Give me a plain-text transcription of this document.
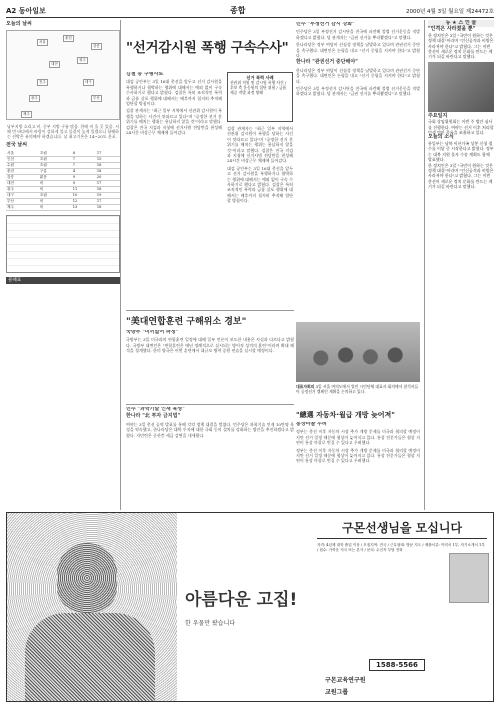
A2 동아일보	종합	2000년 4월 3일 월요일 제24472호
오늘의 날씨
서울
춘천
강릉
대전
청주
전주
광주
대구
부산
제주
남부지방 흐리고 비, 중부 지방 구름 많음. 한때 비 올 곳 있음. 서해 먼 바다에서 바람이 강하게 불고 물결이 높게 일겠으니 항해하는 선박은 유의해야 하겠습니다. 낮 최고기온은 14~20도 분포.
전국 날씨
서울	흐림	8	17
인천	흐림	7	15
수원	흐림	7	18
춘천	구름	4	18
강릉	맑음	9	20
대전	비	9	17
광주	비	11	18
대구	흐림	10	19
부산	비	12	17
제주	비	13	18
물때표
"선거감시원 폭행 구속수사"

김철 등 구형사로

대검 공안부는 3일 16대 총선을 앞두고 선거 감시원을 폭행하거나 협박하는 행위에 대해서는 예외 없이 구속 수사하기로 했다고 밝혔다. 검찰은 특히 조직적인 폭력과 금품 살포 행위에 대해서는 배후까지 철저히 추적해 엄단할 방침이다.

검찰 관계자는 "최근 일부 지역에서 선관위 감시원이 폭행을 당하는 사건이 잇따르고 있다"며 "공정한 선거 분위기를 해치는 행위는 용납하지 않을 것"이라고 말했다. 검찰은 전국 지검과 지청에 선거사범 전담반을 편성해 24시간 비상근무 체제에 들어갔다.

선거 폭력 사례
선관위 직원 및 감시원 폭행 사건 / 후보 측 운동원의 집단 위협 / 금품 제공 적발 과정 방해

검찰 관계자는 "최근 일부 지역에서 선관위 감시원이 폭행을 당하는 사건이 잇따르고 있다"며 "공정한 선거 분위기를 해치는 행위는 용납하지 않을 것"이라고 말했다. 검찰은 전국 지검과 지청에 선거사범 전담반을 편성해 24시간 비상근무 체제에 들어갔다.

대검 공안부는 3일 16대 총선을 앞두고 선거 감시원을 폭행하거나 협박하는 행위에 대해서는 예외 없이 구속 수사하기로 했다고 밝혔다. 검찰은 특히 조직적인 폭력과 금품 살포 행위에 대해서는 배후까지 철저히 추적해 엄단할 방침이다.

민주 "부정선거 감시 강화"

민주당은 3일 부정선거 감시단을 전국에 파견해 불법 선거운동을 적발하겠다고 밝혔다. 당 관계자는 "금권 선거를 뿌리뽑겠다"고 말했다.

한나라당은 정부 여당이 선심성 정책을 남발하고 있다며 관권선거 중단을 촉구했다. 대변인은 논평을 내고 "선거 중립을 지켜야 한다"고 밝혔다.

한나라 "관권선거 중단해야"

한나라당은 정부 여당이 선심성 정책을 남발하고 있다며 관권선거 중단을 촉구했다. 대변인은 논평을 내고 "선거 중립을 지켜야 한다"고 밝혔다.

민주당은 3일 부정선거 감시단을 전국에 파견해 불법 선거운동을 적발하겠다고 밝혔다. 당 관계자는 "금권 선거를 뿌리뽑겠다"고 말했다.

"美대연합훈련 구해위소 경보"

국방부 "미끼없어 파정"

국방부는 3일 미국과의 연합훈련 일정에 대해 일부 언론이 보도한 내용은 사실과 다르다고 밝혔다. 국방부 대변인은 "연합훈련은 매년 정례적으로 실시되는 방어적 성격의 훈련"이라며 확대 해석을 경계했다. 한미 양국은 이번 훈련에서 대규모 병력 증원 연습을 실시할 예정이다.

민주 "과학기술 인재 육성"

한나라 "北 투자 금지법"

여야는 3일 총선 공약 발표를 통해 각각 정책 대결을 벌였다. 민주당은 과학기술 인재 10만명 육성을 약속했고, 한나라당은 대북 투자에 대한 국회 동의 절차를 강화하는 법안을 추진하겠다고 밝혔다. 자민련은 중산층 세금 감면을 내세웠다.

대표자회의 3일 서울 여의도에서 열린 시민단체 대표자 회의에서 참석자들이 공정선거 캠페인 계획을 논의하고 있다.
"總選 자동차·월급 개방 늦어져"

통상마찰 우려

정부는 총선 이후 자동차 시장 추가 개방 문제를 미국과 협의할 예정이지만 선거 일정 때문에 협상이 늦어지고 있다. 통상 전문가들은 협상 지연이 통상 마찰로 번질 수 있다고 우려했다.

정부는 총선 이후 자동차 시장 추가 개방 문제를 미국과 협의할 예정이지만 선거 일정 때문에 협상이 늦어지고 있다. 통상 전문가들은 협상 지연이 통상 마찰로 번질 수 있다고 우려했다.

뉴 ★ 스 인 물

"인격은 사라졌을 뿐"

한 정치인은 3일 "국민이 원하는 것은 정책 대결"이라며 "인신공격과 비방은 사라져야 한다"고 밝혔다. 그는 이번 총선이 새로운 정치 문화를 만드는 계기가 되길 바란다고 말했다.

주요일지

국회 상임위원회는 이번 주 법안 심사를 진행한다. 여야는 선거 이후 처리할 민생 법안 목록을 조율하고 있다.

오늘의 소식

통일부는 남북 이산가족 상봉 신청 접수를 이달 중 시작한다고 밝혔다. 정부는 대북 지원 물자 수송 계획도 함께 발표했다.

한 정치인은 3일 "국민이 원하는 것은 정책 대결"이라며 "인신공격과 비방은 사라져야 한다"고 밝혔다. 그는 이번 총선이 새로운 정치 문화를 만드는 계기가 되길 바란다고 말했다.

아름다운 고집!
한 우물만 팠습니다
구몬선생님을 모십니다
자격: 4년제 대학 졸업 이상 / 모집지역: 전국 / 근무형태: 방문 지도 / 제출서류: 이력서 1부, 자기소개서 1부 / 접수: 가까운 지국 또는 본사 / 문의: 수신자 부담 전화
1588-5566
구몬교육연구원
교원그룹
